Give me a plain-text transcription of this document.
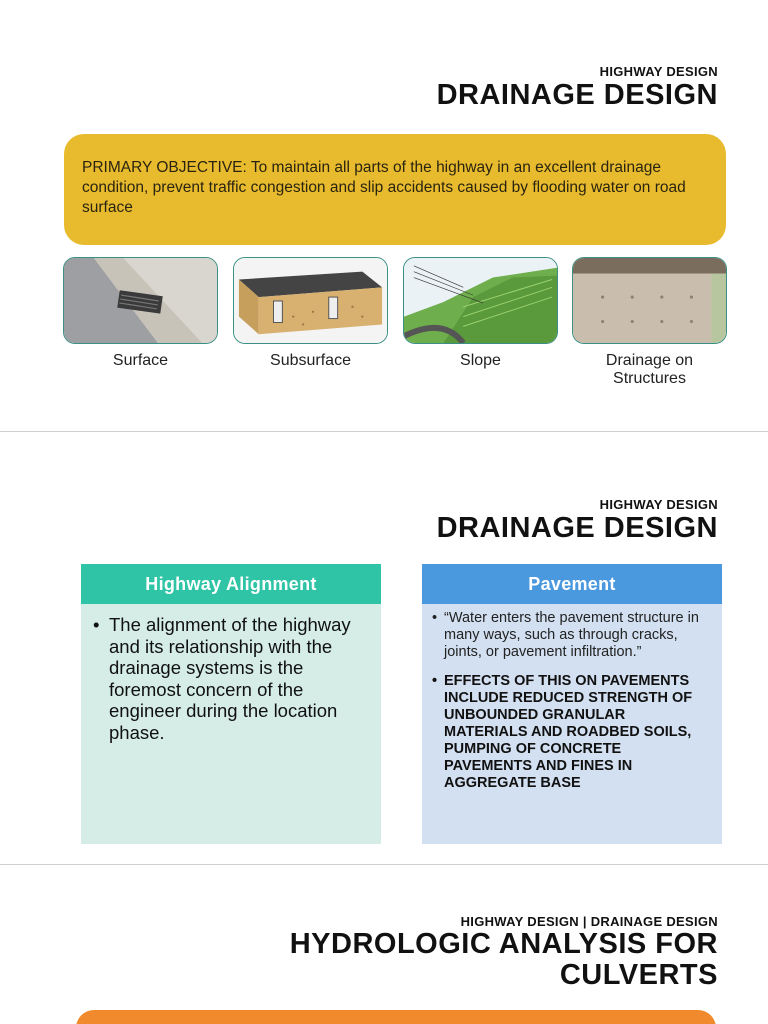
HIGHWAY DESIGN
DRAINAGE DESIGN
PRIMARY OBJECTIVE: To maintain all parts of the highway in an excellent drainage condition, prevent traffic congestion and slip accidents caused by flooding water on road surface
Surface	Subsurface	Slope	Drainage on Structures
HIGHWAY DESIGN
DRAINAGE DESIGN
Highway Alignment
• The alignment of the highway and its relationship with the drainage systems is the foremost concern of the engineer during the location phase.
Pavement
• “Water enters the pavement structure in many ways, such as through cracks, joints, or pavement infiltration.”
• EFFECTS OF THIS ON PAVEMENTS INCLUDE REDUCED STRENGTH OF UNBOUNDED GRANULAR MATERIALS AND ROADBED SOILS, PUMPING OF CONCRETE PAVEMENTS AND FINES IN AGGREGATE BASE
HIGHWAY DESIGN | DRAINAGE DESIGN
HYDROLOGIC ANALYSIS FOR
CULVERTS
